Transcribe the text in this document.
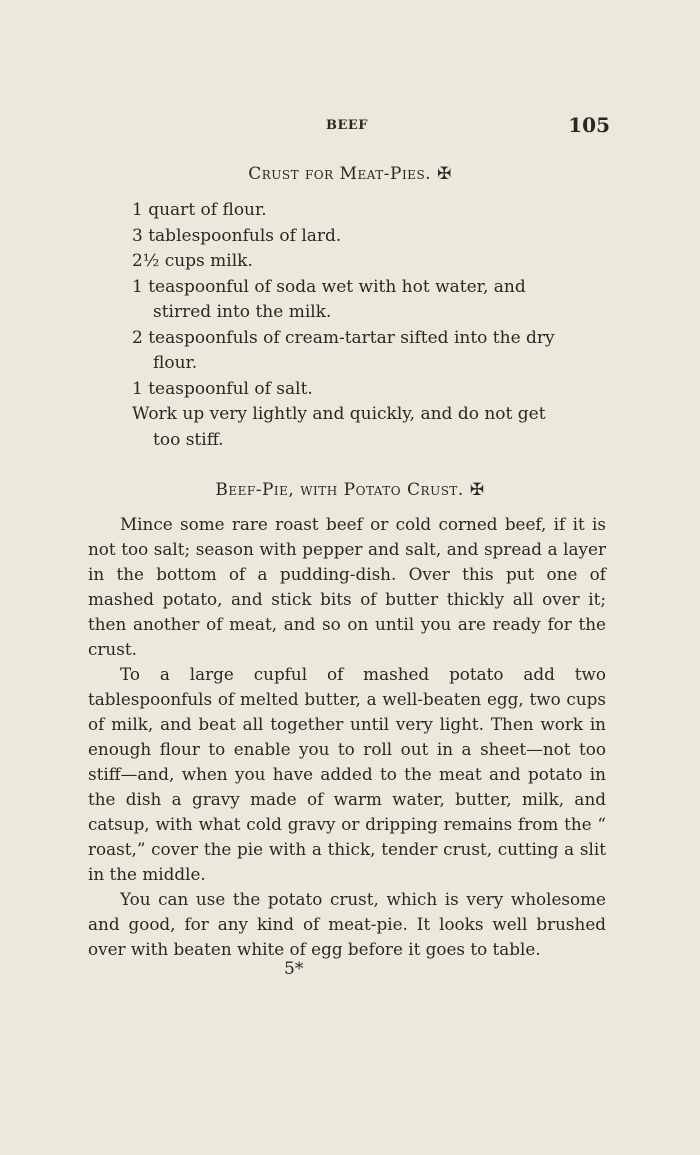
BEEF	105
Crust for Meat-Pies. ✠
1 quart of flour.
3 tablespoonfuls of lard.
2½ cups milk.
1 teaspoonful of soda wet with hot water, and stirred into the milk.
2 teaspoonfuls of cream-tartar sifted into the dry flour.
1 teaspoonful of salt.
Work up very lightly and quickly, and do not get too stiff.
Beef-Pie, with Potato Crust. ✠

Mince some rare roast beef or cold corned beef, if it is not too salt; season with pepper and salt, and spread a layer in the bottom of a pudding-dish. Over this put one of mashed potato, and stick bits of butter thickly all over it; then another of meat, and so on until you are ready for the crust.

To a large cupful of mashed potato add two tablespoonfuls of melted butter, a well-beaten egg, two cups of milk, and beat all together until very light. Then work in enough flour to enable you to roll out in a sheet—not too stiff—and, when you have added to the meat and potato in the dish a gravy made of warm water, butter, milk, and catsup, with what cold gravy or dripping remains from the “ roast,” cover the pie with a thick, tender crust, cutting a slit in the middle.

You can use the potato crust, which is very wholesome and good, for any kind of meat-pie. It looks well brushed over with beaten white of egg before it goes to table.

5*
